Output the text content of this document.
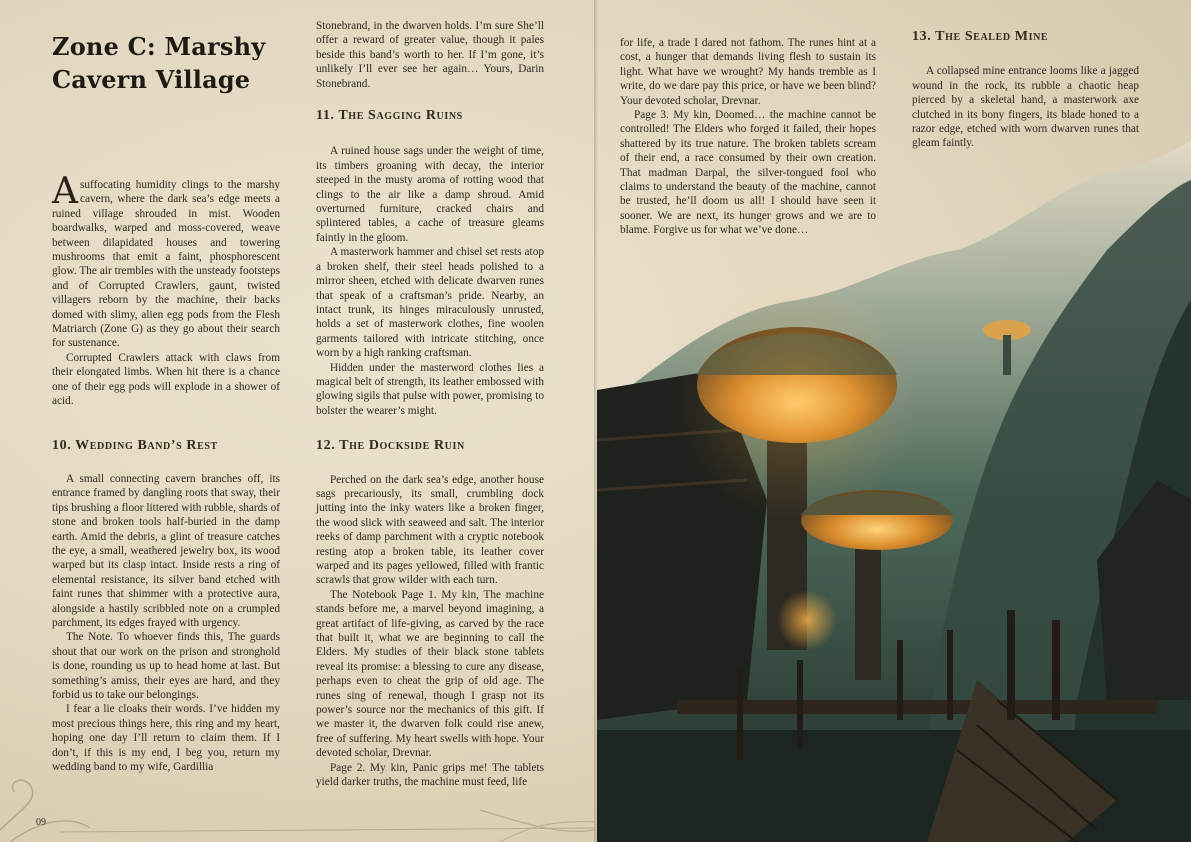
Zone C: Marshy Cavern Village

A suffocating humidity clings to the marshy cavern, where the dark sea’s edge meets a ruined village shrouded in mist. Wooden boardwalks, warped and moss-covered, weave between dilapidated houses and towering mushrooms that emit a faint, phosphorescent glow. The air trembles with the unsteady footsteps and of Corrupted Crawlers, gaunt, twisted villagers reborn by the machine, their backs domed with slimy, alien egg pods from the Flesh Matriarch (Zone G) as they go about their search for sustenance.

Corrupted Crawlers attack with claws from their elongated limbs. When hit there is a chance one of their egg pods will explode in a shower of acid.

10. Wedding Band’s Rest

A small connecting cavern branches off, its entrance framed by dangling roots that sway, their tips brushing a floor littered with rubble, shards of stone and broken tools half-buried in the damp earth. Amid the debris, a glint of treasure catches the eye, a small, weathered jewelry box, its wood warped but its clasp intact. Inside rests a ring of elemental resistance, its silver band etched with faint runes that shimmer with a protective aura, alongside a hastily scribbled note on a crumpled parchment, its edges frayed with urgency.

The Note. To whoever finds this, The guards shout that our work on the prison and stronghold is done, rounding us up to head home at last. But something’s amiss, their eyes are hard, and they forbid us to take our belongings.

I fear a lie cloaks their words. I’ve hidden my most precious things here, this ring and my heart, hoping one day I’ll return to claim them. If I don’t, if this is my end, I beg you, return my wedding band to my wife, Gardillia

Stonebrand, in the dwarven holds. I’m sure She’ll offer a reward of greater value, though it pales beside this band’s worth to her. If I’m gone, it’s unlikely I’ll ever see her again… Yours, Darin Stonebrand.

11. The Sagging Ruins

A ruined house sags under the weight of time, its timbers groaning with decay, the interior steeped in the musty aroma of rotting wood that clings to the air like a damp shroud. Amid overturned furniture, cracked chairs and splintered tables, a cache of treasure gleams faintly in the gloom.

A masterwork hammer and chisel set rests atop a broken shelf, their steel heads polished to a mirror sheen, etched with delicate dwarven runes that speak of a craftsman’s pride. Nearby, an intact trunk, its hinges miraculously unrusted, holds a set of masterwork clothes, fine woolen garments tailored with intricate stitching, once worn by a high ranking craftsman.

Hidden under the masterword clothes lies a magical belt of strength, its leather embossed with glowing sigils that pulse with power, promising to bolster the wearer’s might.

12. The Dockside Ruin

Perched on the dark sea’s edge, another house sags precariously, its small, crumbling dock jutting into the inky waters like a broken finger, the wood slick with seaweed and salt. The interior reeks of damp parchment with a cryptic notebook resting atop a broken table, its leather cover warped and its pages yellowed, filled with frantic scrawls that grow wilder with each turn.

The Notebook Page 1. My kin, The machine stands before me, a marvel beyond imagining, a great artifact of life-giving, as carved by the race that built it, what we are beginning to call the Elders. My studies of their black stone tablets reveal its promise: a blessing to cure any disease, perhaps even to cheat the grip of old age. The runes sing of renewal, though I grasp not its power’s source nor the mechanics of this gift. If we master it, the dwarven folk could rise anew, free of suffering. My heart swells with hope. Your devoted scholar, Drevnar.

Page 2. My kin, Panic grips me! The tablets yield darker truths, the machine must feed, life

09

for life, a trade I dared not fathom. The runes hint at a cost, a hunger that demands living flesh to sustain its light. What have we wrought? My hands tremble as I write, do we dare pay this price, or have we been blind? Your devoted scholar, Drevnar.

Page 3. My kin, Doomed… the machine cannot be controlled! The Elders who forged it failed, their hopes shattered by its true nature. The broken tablets scream of their end, a race consumed by their own creation. That madman Darpal, the silver-tongued fool who claims to understand the beauty of the machine, cannot be trusted, he’ll doom us all! I should have seen it sooner. We are next, its hunger grows and we are to blame. Forgive us for what we’ve done…

13. The Sealed Mine

A collapsed mine entrance looms like a jagged wound in the rock, its rubble a chaotic heap pierced by a skeletal hand, a masterwork axe clutched in its bony fingers, its blade honed to a razor edge, etched with worn dwarven runes that gleam faintly.
